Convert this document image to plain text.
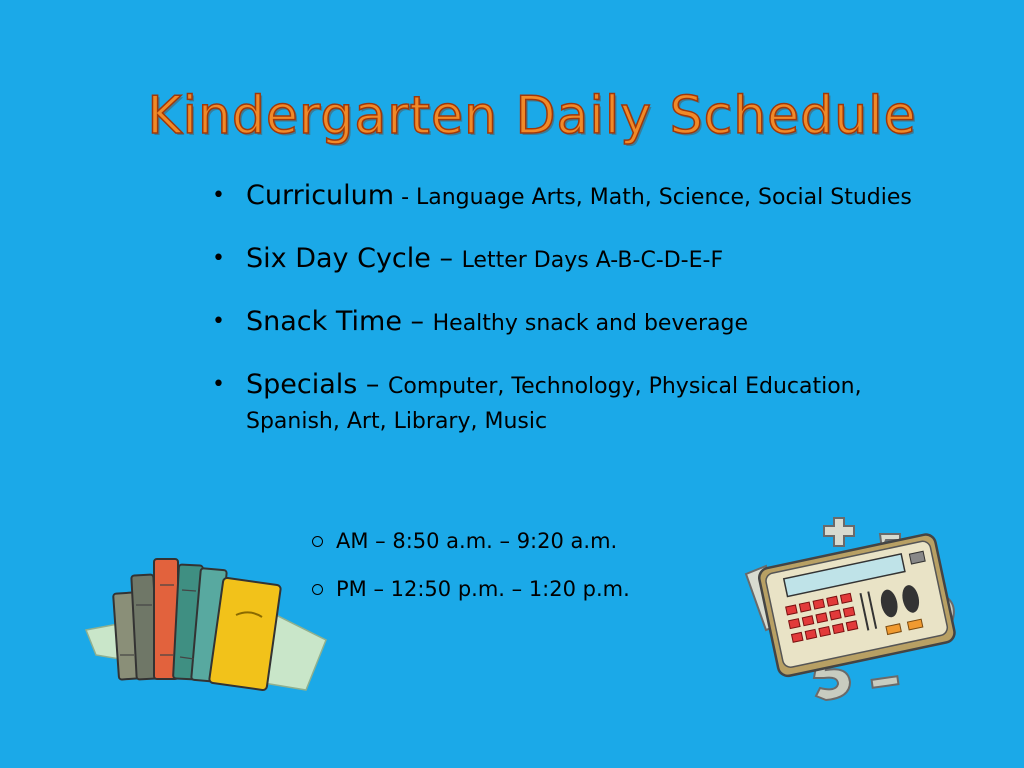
Kindergarten Daily Schedule
• Curriculum - Language Arts, Math, Science, Social Studies
• Six Day Cycle – Letter Days A-B-C-D-E-F
• Snack Time – Healthy snack and beverage
• Specials – Computer, Technology, Physical Education, Spanish, Art, Library, Music
AM – 8:50 a.m. – 9:20 a.m.
PM – 12:50 p.m. – 1:20 p.m.
